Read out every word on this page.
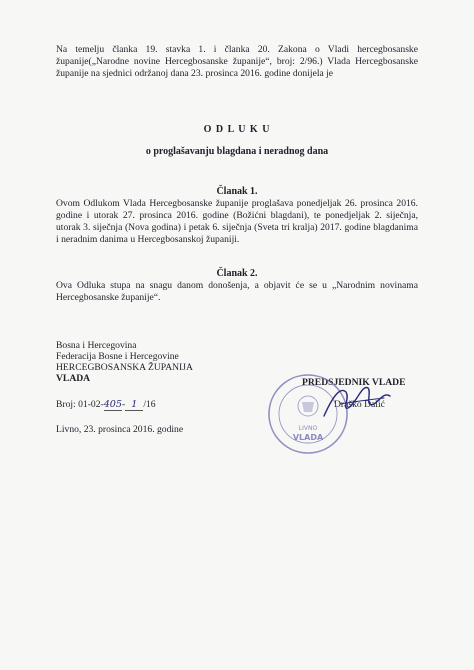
Na temelju članka 19. stavka 1. i članka 20. Zakona o Vladi hercegbosanske županije(„Narodne novine Hercegbosanske županije“, broj: 2/96.) Vlada Hercegbosanske županije na sjednici održanoj dana 23. prosinca 2016. godine donijela je
O D L U K U
o proglašavanju blagdana i neradnog dana
Članak 1.
Ovom Odlukom Vlada Hercegbosanske županije proglašava ponedjeljak 26. prosinca 2016. godine i utorak 27. prosinca 2016. godine (Božićni blagdani), te ponedjeljak 2. siječnja, utorak 3. siječnja (Nova godina) i petak 6. siječnja (Sveta tri kralja) 2017. godine blagdanima i neradnim danima u Hercegbosanskoj županiji.
Članak 2.
Ova Odluka stupa na snagu danom donošenja, a objavit će se u „Narodnim novinama Hercegbosanske županije“.
Bosna i Hercegovina
Federacija Bosne i Hercegovine
HERCEGBOSANSKA ŽUPANIJA
VLADA
Broj: 01-02-405- 1 /16
Livno, 23. prosinca 2016. godine
PREDSJEDNIK VLADE
Draško Dalić
LIVNO
VLADA
